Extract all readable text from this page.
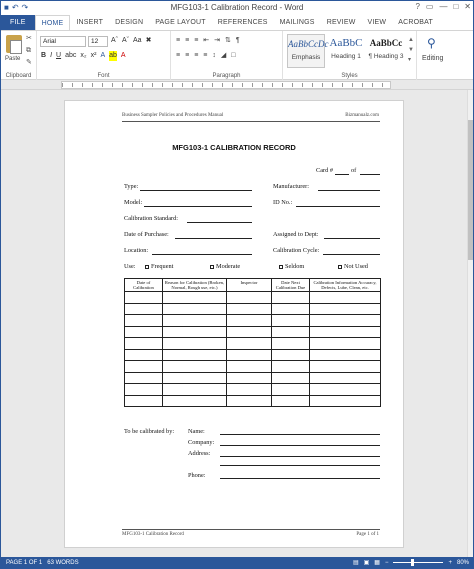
■ ↶ ↷	MFG103-1 Calibration Record - Word	? ▭ — □ ✕
FILE	HOME	INSERT	DESIGN	PAGE LAYOUT	REFERENCES	MAILINGS	REVIEW	VIEW	ACROBAT
Paste
✂
⧉
✎
Clipboard
Arial	12	Aˆ Aˇ Aa ✖
B I U abc x₂ x² A ab A
Font
≡ ≡ ≡ ⇤ ⇥ ⇅ ¶
≡ ≡ ≡ ≡ ↕ ◢ □
Paragraph
AaBbCcDc
Emphasis
AaBbC
Heading 1
AaBbCc
¶ Heading 3
▲
▼
▾
Styles
⚲
Editing
Business Sampler Policies and Procedures Manual	Bizmanualz.com
MFG103-1 CALIBRATION RECORD
Card #	of
Type:	Manufacturer:
Model:	ID No.:
Calibration Standard:
Date of Purchase:	Assigned to Dept:
Location:	Calibration Cycle:
Use:	Frequent	Moderate	Seldom	Not Used
Date of Calibration	Reason for Calibration (Broken, Normal, Rough use, etc.)	Inspector	Date Next Calibration Due	Calibration Information Accuracy, Defects, Lube, Clean, etc.

To be calibrated by: Name:
Company:
Address:
Phone:
MFG103-1 Calibration Record	Page 1 of 1
PAGE 1 OF 1 63 WORDS	▤ ▣ ▦ −	+ 80%
